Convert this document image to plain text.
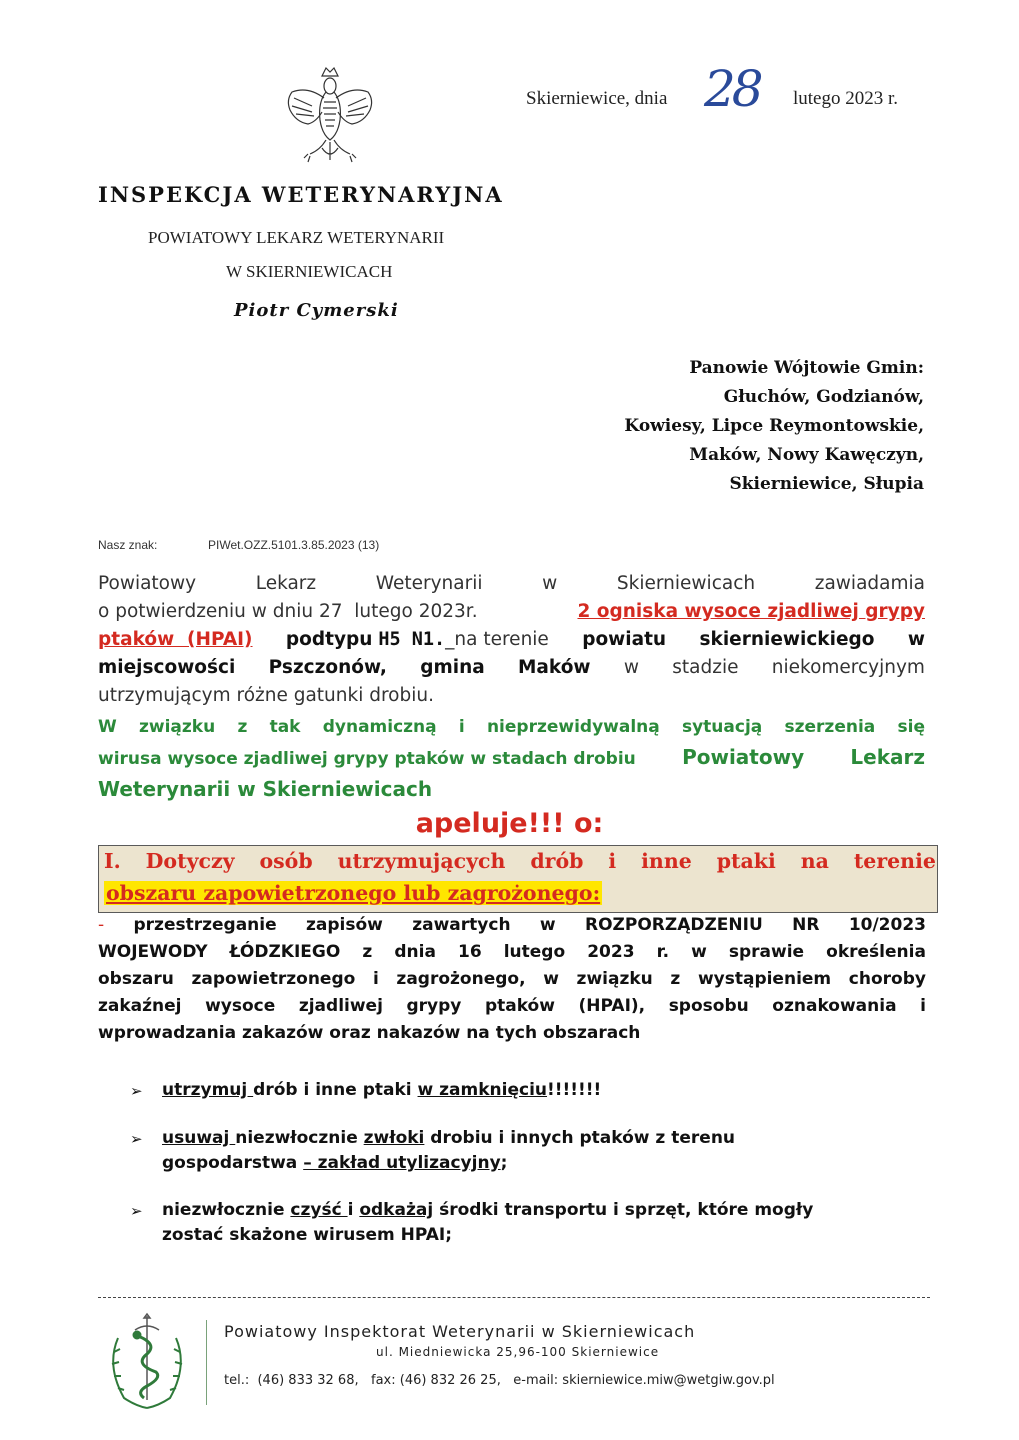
Skierniewice, dnia 28 lutego 2023 r.
INSPEKCJA WETERYNARYJNA
POWIATOWY LEKARZ WETERYNARII
W SKIERNIEWICACH
Piotr Cymerski
Panowie Wójtowie Gmin:
Głuchów, Godzianów,
Kowiesy, Lipce Reymontowskie,
Maków, Nowy Kawęczyn,
Skierniewice, Słupia
Nasz znak:	PIWet.OZZ.5101.3.85.2023 (13)
Powiatowy	Lekarz	Weterynarii	w	Skierniewicach	zawiadamia
o potwierdzeniu w dniu 27  lutego 2023r.	2 ogniska wysoce zjadliwej grypy
ptaków  (HPAI) podtypu H5 N1._na terenie powiatu skierniewickiego w
miejscowości Pszczonów, gmina Maków w stadzie niekomercyjnym
utrzymującym różne gatunki drobiu.
W związku z tak dynamiczną i nieprzewidywalną sytuacją szerzenia się
wirusa wysoce zjadliwej grypy ptaków w stadach drobiu Powiatowy Lekarz
Weterynarii w Skierniewicach
apeluje!!! o:
I. Dotyczy osób utrzymujących drób i inne ptaki na terenie
obszaru zapowietrzonego lub zagrożonego:
- przestrzeganie zapisów zawartych w ROZPORZĄDZENIU NR 10/2023
WOJEWODY ŁÓDZKIEGO z dnia 16 lutego 2023 r. w sprawie określenia
obszaru zapowietrzonego i zagrożonego, w związku z wystąpieniem choroby
zakaźnej wysoce zjadliwej grypy ptaków (HPAI), sposobu oznakowania i
wprowadzania zakazów oraz nakazów na tych obszarach
➢	utrzymuj drób i inne ptaki w zamknięciu!!!!!!!
➢	usuwaj niezwłocznie zwłoki drobiu i innych ptaków z terenu
gospodarstwa – zakład utylizacyjny;
➢	niezwłocznie czyść i odkażaj środki transportu i sprzęt, które mogły
zostać skażone wirusem HPAI;
Powiatowy Inspektorat Weterynarii w Skierniewicach
ul. Miedniewicka 25,96-100 Skierniewice
tel.:  (46) 833 32 68,   fax: (46) 832 26 25,   e-mail: skierniewice.miw@wetgiw.gov.pl
